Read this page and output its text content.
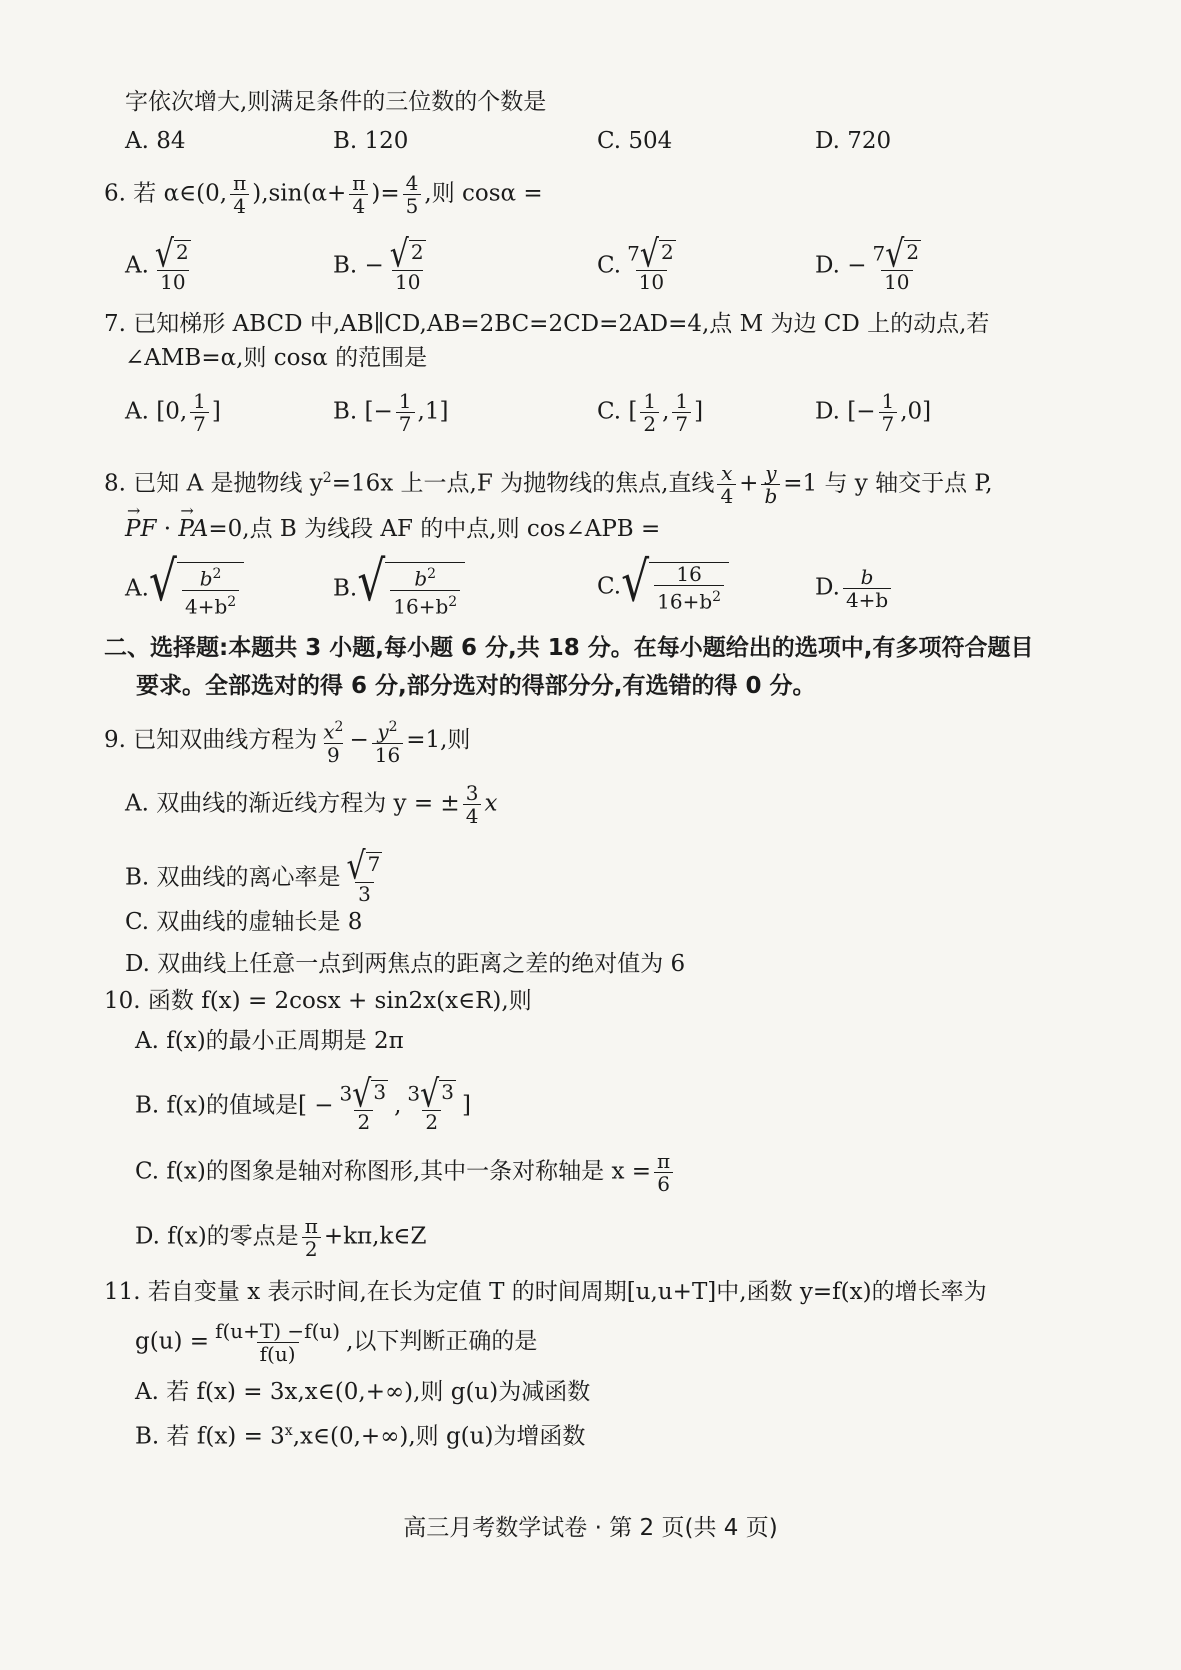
字依次增大,则满足条件的三位数的个数是
A. 84	B. 120	C. 504	D. 720
6. 若 α∈(0, $\frac{\pi}{4} ),\sin(\alpha+ \frac{\pi}{4}$ )= $\frac{4}{5}$ ,则 cosα =
A. $\frac{√ 2}{10}$	B. − $\frac{√ 2}{10}$	C. $\frac{7 √ 2}{10}$	D. − $\frac{7 √ 2}{10}$
7. 已知梯形 ABCD 中,AB∥CD,AB=2BC=2CD=2AD=4,点 M 为边 CD 上的动点,若
∠AMB=α,则 cosα 的范围是
A. [0, $\frac{1}{7}$ ]	B. [− $\frac{1}{7} ,1$]	C. [ $\frac{1}{2}$ , $\frac{1}{7}$ ]	D. [− $\frac{1}{7} ,0$]
8. 已知 A 是抛物线 $y^2=16x$ 上一点,F 为抛物线的焦点,直线 $\frac{x}{4} + \frac{y}{b} =1$ 与 y 轴交于点 P,
→ PF · → PA=0,点 B 为线段 AF 的中点,则 cos∠APB =
A. √ $\frac{b^2}{4+b^2}$	B. √ $\frac{b^2}{16+b^2}$	C. √ $\frac{16}{16+b^2}$	D. $\frac{b}{4+b}$
二、选择题:本题共 3 小题,每小题 6 分,共 18 分。在每小题给出的选项中,有多项符合题目
要求。全部选对的得 6 分,部分选对的得部分分,有选错的得 0 分。
9. 已知双曲线方程为 $\frac{x^2}{9} - \frac{y^2}{16} =1$,则
A. 双曲线的渐近线方程为 y = ± $\frac{3}{4}$ x
B. 双曲线的离心率是 $\frac{√ 7}{3}$
C. 双曲线的虚轴长是 8
D. 双曲线上任意一点到两焦点的距离之差的绝对值为 6
10. 函数 f(x) = 2cosx + sin2x(x∈R),则
A. f(x)的最小正周期是 2π
B. f(x)的值域是[ − $\frac{3 √ 3}{2}$ , $\frac{3 √ 3}{2}$ ]
C. f(x)的图象是轴对称图形,其中一条对称轴是 $x = \frac{\pi}{6}$
D. f(x)的零点是 $\frac{\pi}{2}$ +kπ,k∈Z
11. 若自变量 x 表示时间,在长为定值 T 的时间周期[u,u+T]中,函数 y=f(x)的增长率为
$g(u) = \frac{f(u+T) -f(u)}{f(u)}$ ,以下判断正确的是
A. 若 f(x) = 3x,x∈(0,+∞),则 g(u)为减函数
B. 若 $f(x) = 3^x,x\in(0,+\infty)$,则 g(u)为增函数
高三月考数学试卷 · 第 2 页(共 4 页)
